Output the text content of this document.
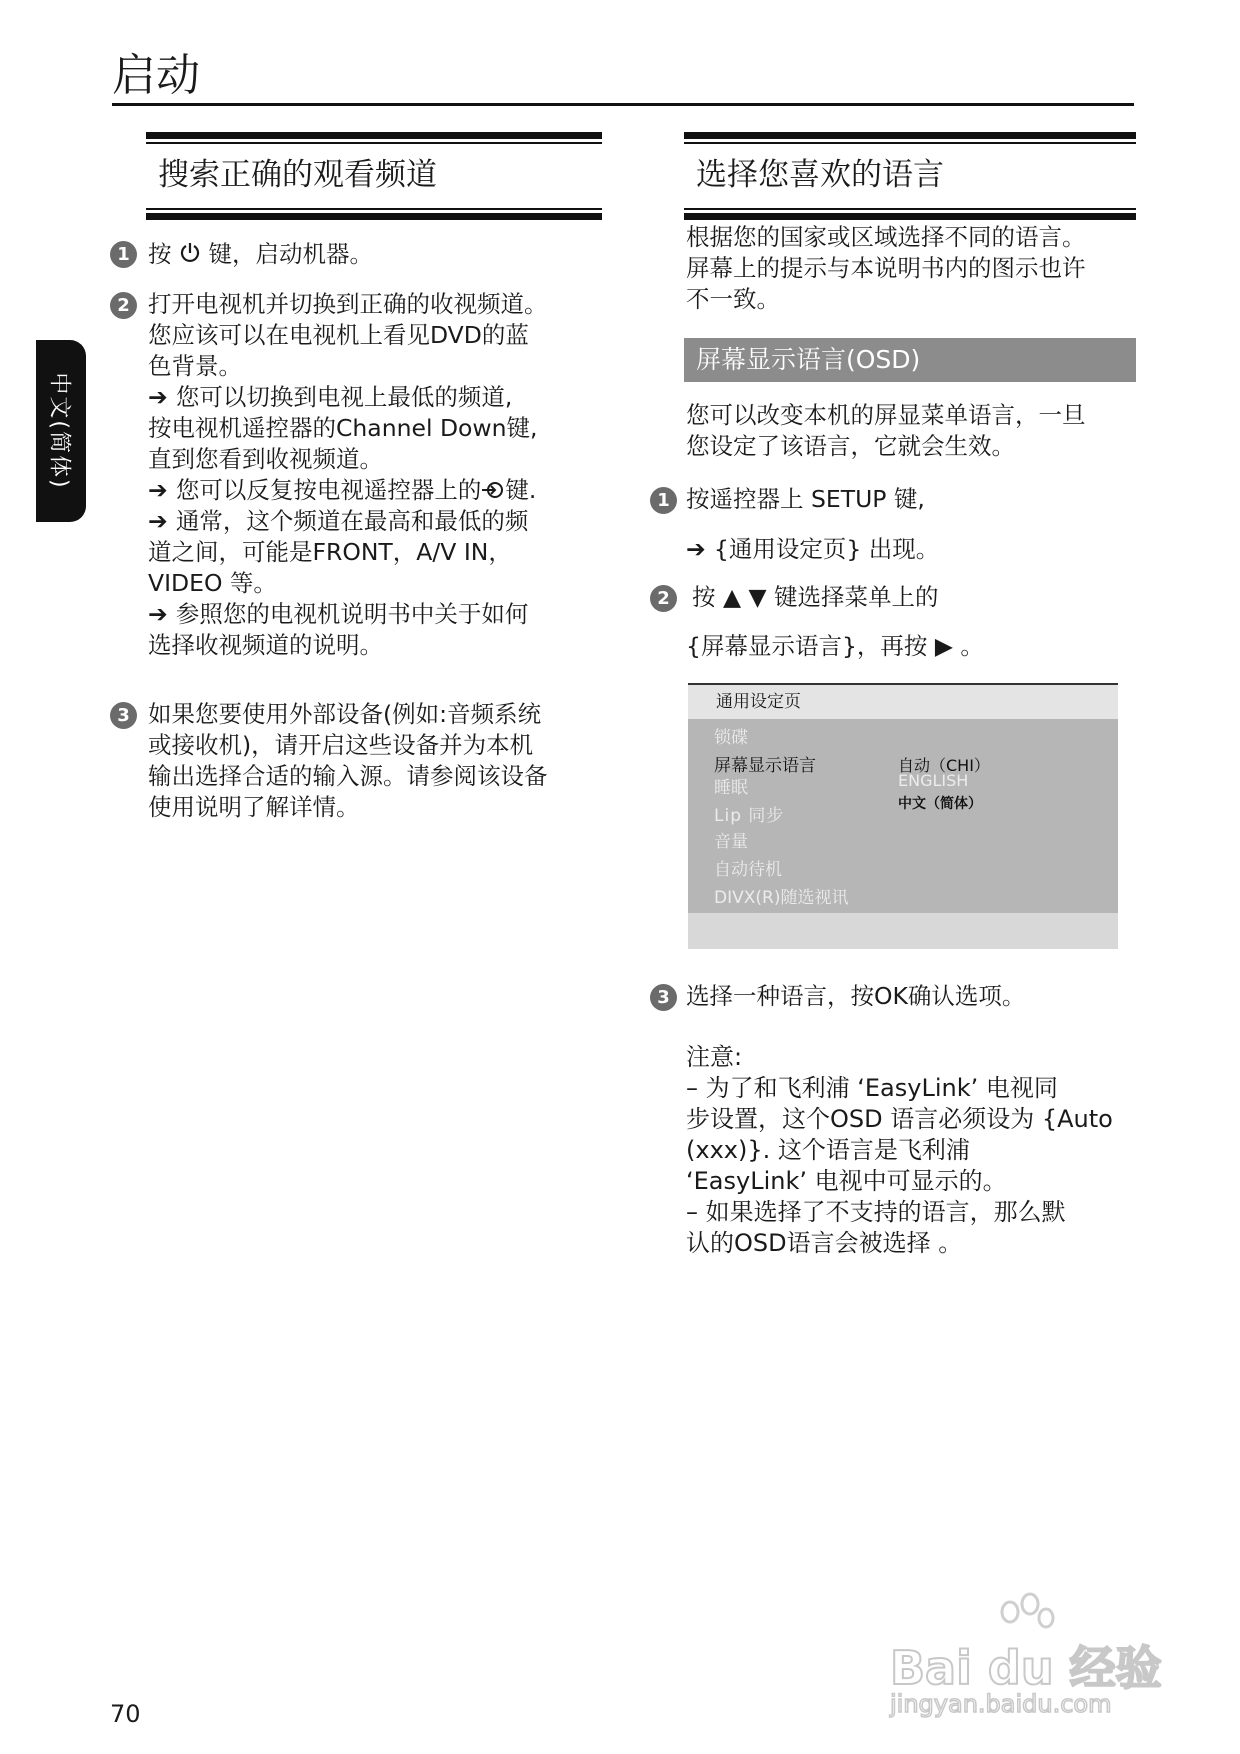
启动
中文(简体)
搜索正确的观看频道
1 按 键，启动机器。
2 打开电视机并切换到正确的收视频道。
您应该可以在电视机上看见DVD的蓝
色背景。
➔ 您可以切换到电视上最低的频道,
按电视机遥控器的Channel Down键,
直到您看到收视频道。
➔ 您可以反复按电视遥控器上的 键.
➔ 通常，这个频道在最高和最低的频
道之间，可能是FRONT，A/V IN，
VIDEO 等。
➔ 参照您的电视机说明书中关于如何
选择收视频道的说明。
3 如果您要使用外部设备(例如:音频系统
或接收机)，请开启这些设备并为本机
输出选择合适的输入源。请参阅该设备
使用说明了解详情。
选择您喜欢的语言
根据您的国家或区域选择不同的语言。
屏幕上的提示与本说明书内的图示也许
不一致。
屏幕显示语言(OSD)
您可以改变本机的屏显菜单语言，一旦
您设定了该语言，它就会生效。
1 按遥控器上 SETUP 键,
➔ {通用设定页} 出现。
2 按 ▲ ▼ 键选择菜单上的
{屏幕显示语言}，再按 ▶ 。
通用设定页
锁碟
屏幕显示语言
睡眠
Lip 同步
音量
自动待机
DIVX(R)随选视讯
自动（CHI）
ENGLISH
中文（简体）
3 选择一种语言，按OK确认选项。
注意:
– 为了和飞利浦 ‘EasyLink’ 电视同
步设置，这个OSD 语言必须设为 {Auto
(xxx)}. 这个语言是飞利浦
‘EasyLink’ 电视中可显示的。
– 如果选择了不支持的语言，那么默
认的OSD语言会被选择 。
70
Bai du 经验
jingyan.baidu.com
